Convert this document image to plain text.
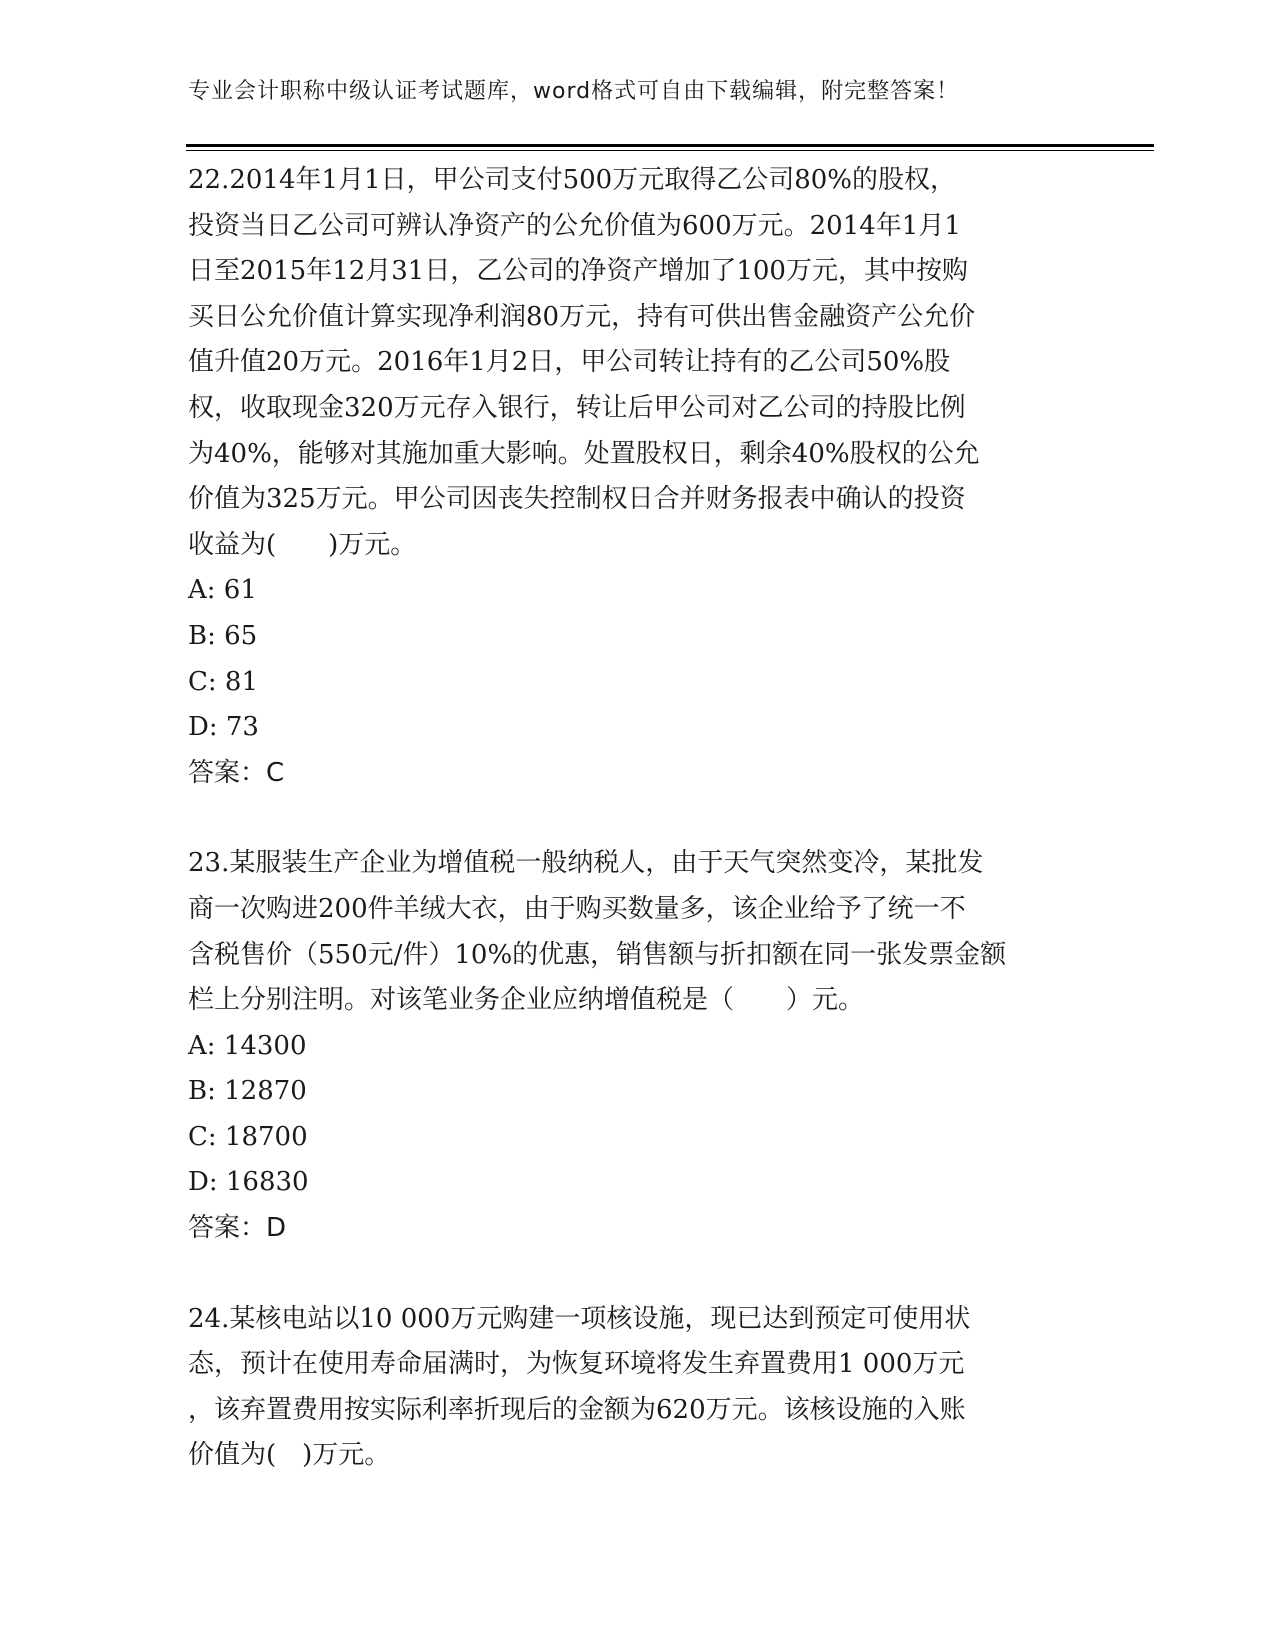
专业会计职称中级认证考试题库，word格式可自由下载编辑，附完整答案！

22.2014年1月1日，甲公司支付500万元取得乙公司80%的股权，

投资当日乙公司可辨认净资产的公允价值为600万元。2014年1月1

日至2015年12月31日，乙公司的净资产增加了100万元，其中按购

买日公允价值计算实现净利润80万元，持有可供出售金融资产公允价

值升值20万元。2016年1月2日，甲公司转让持有的乙公司50%股

权，收取现金320万元存入银行，转让后甲公司对乙公司的持股比例

为40%，能够对其施加重大影响。处置股权日，剩余40%股权的公允

价值为325万元。甲公司因丧失控制权日合并财务报表中确认的投资

收益为(　　)万元。

A: 61

B: 65

C: 81

D: 73

答案：C

23.某服装生产企业为增值税一般纳税人，由于天气突然变冷，某批发

商一次购进200件羊绒大衣，由于购买数量多，该企业给予了统一不

含税售价（550元/件）10%的优惠，销售额与折扣额在同一张发票金额

栏上分别注明。对该笔业务企业应纳增值税是（　　）元。

A: 14300

B: 12870

C: 18700

D: 16830

答案：D

24.某核电站以10 000万元购建一项核设施，现已达到预定可使用状

态，预计在使用寿命届满时，为恢复环境将发生弃置费用1 000万元

，该弃置费用按实际利率折现后的金额为620万元。该核设施的入账

价值为(　)万元。
